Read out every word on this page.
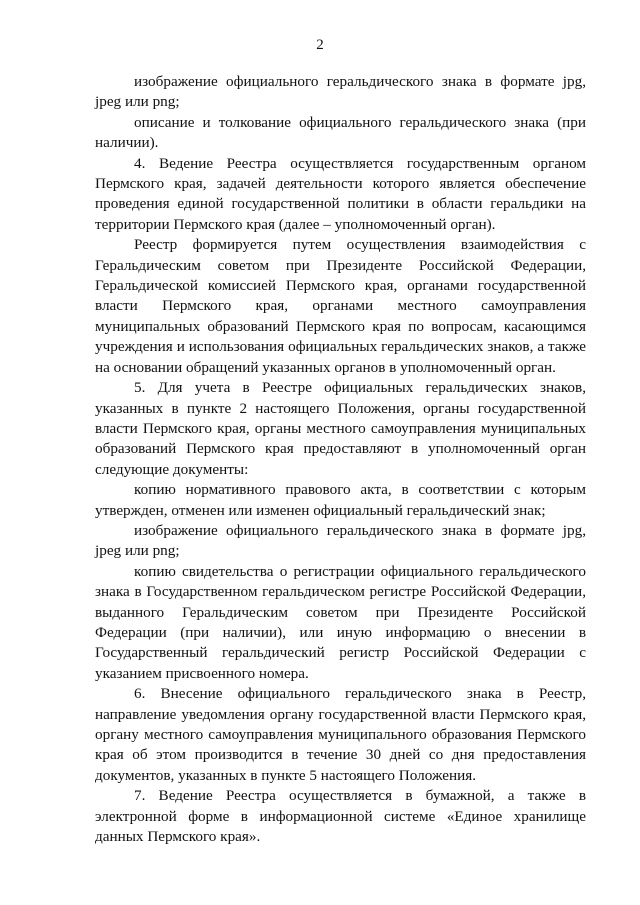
2

изображение официального геральдического знака в формате jpg, jpeg или png;

описание и толкование официального геральдического знака (при наличии).

4. Ведение Реестра осуществляется государственным органом Пермского края, задачей деятельности которого является обеспечение проведения единой государственной политики в области геральдики на территории Пермского края (далее – уполномоченный орган).

Реестр формируется путем осуществления взаимодействия с Геральдическим советом при Президенте Российской Федерации, Геральдической комиссией Пермского края, органами государственной власти Пермского края, органами местного самоуправления муниципальных образований Пермского края по вопросам, касающимся учреждения и использования официальных геральдических знаков, а также на основании обращений указанных органов в уполномоченный орган.

5. Для учета в Реестре официальных геральдических знаков, указанных в пункте 2 настоящего Положения, органы государственной власти Пермского края, органы местного самоуправления муниципальных образований Пермского края предоставляют в уполномоченный орган следующие документы:

копию нормативного правового акта, в соответствии с которым утвержден, отменен или изменен официальный геральдический знак;

изображение официального геральдического знака в формате jpg, jpeg или png;

копию свидетельства о регистрации официального геральдического знака в Государственном геральдическом регистре Российской Федерации, выданного Геральдическим советом при Президенте Российской Федерации (при наличии), или иную информацию о внесении в Государственный геральдический регистр Российской Федерации с указанием присвоенного номера.

6. Внесение официального геральдического знака в Реестр, направление уведомления органу государственной власти Пермского края, органу местного самоуправления муниципального образования Пермского края об этом производится в течение 30 дней со дня предоставления документов, указанных в пункте 5 настоящего Положения.

7. Ведение Реестра осуществляется в бумажной, а также в электронной форме в информационной системе «Единое хранилище данных Пермского края».
